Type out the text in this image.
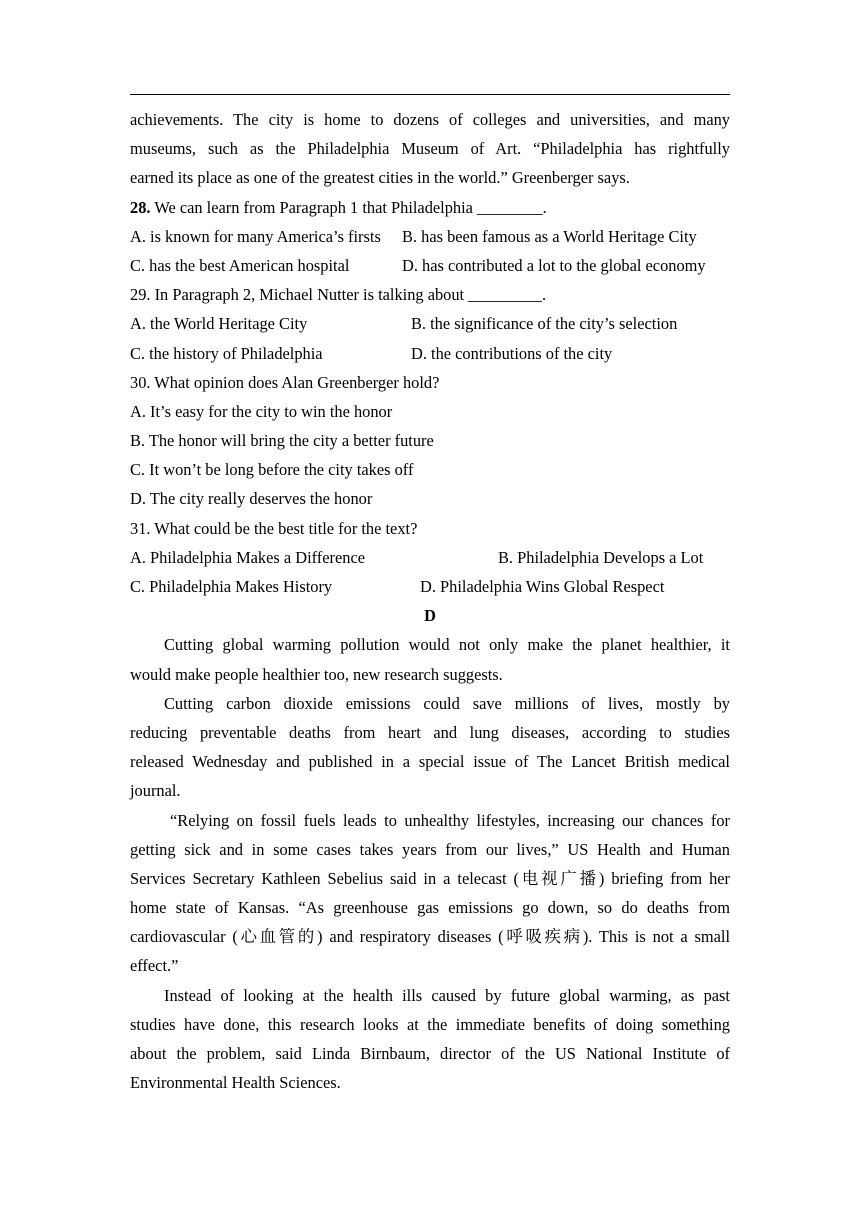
achievements. The city is home to dozens of colleges and universities, and many
museums, such as the Philadelphia Museum of Art. “Philadelphia has rightfully
earned its place as one of the greatest cities in the world.” Greenberger says.
28. We can learn from Paragraph 1 that Philadelphia ________.
A. is known for many America’s firsts B. has been famous as a World Heritage City
C. has the best American hospital	D. has contributed a lot to the global economy
29. In Paragraph 2, Michael Nutter is talking about _________.
A. the World Heritage City	B. the significance of the city’s selection
C. the history of Philadelphia	D. the contributions of the city
30. What opinion does Alan Greenberger hold?
A. It’s easy for the city to win the honor
B. The honor will bring the city a better future
C. It won’t be long before the city takes off
D. The city really deserves the honor
31. What could be the best title for the text?
A. Philadelphia Makes a Difference	B. Philadelphia Develops a Lot
C. Philadelphia Makes History	D. Philadelphia Wins Global Respect
D
Cutting global warming pollution would not only make the planet healthier, it
would make people healthier too, new research suggests.
Cutting carbon dioxide emissions could save millions of lives, mostly by
reducing preventable deaths from heart and lung diseases, according to studies
released Wednesday and published in a special issue of The Lancet British medical
journal.
“Relying on fossil fuels leads to unhealthy lifestyles, increasing our chances for
getting sick and in some cases takes years from our lives,” US Health and Human
Services Secretary Kathleen Sebelius said in a telecast (电视广播) briefing from her
home state of Kansas. “As greenhouse gas emissions go down, so do deaths from
cardiovascular (心血管的) and respiratory diseases (呼吸疾病). This is not a small
effect.”
Instead of looking at the health ills caused by future global warming, as past
studies have done, this research looks at the immediate benefits of doing something
about the problem, said Linda Birnbaum, director of the US National Institute of
Environmental Health Sciences.
